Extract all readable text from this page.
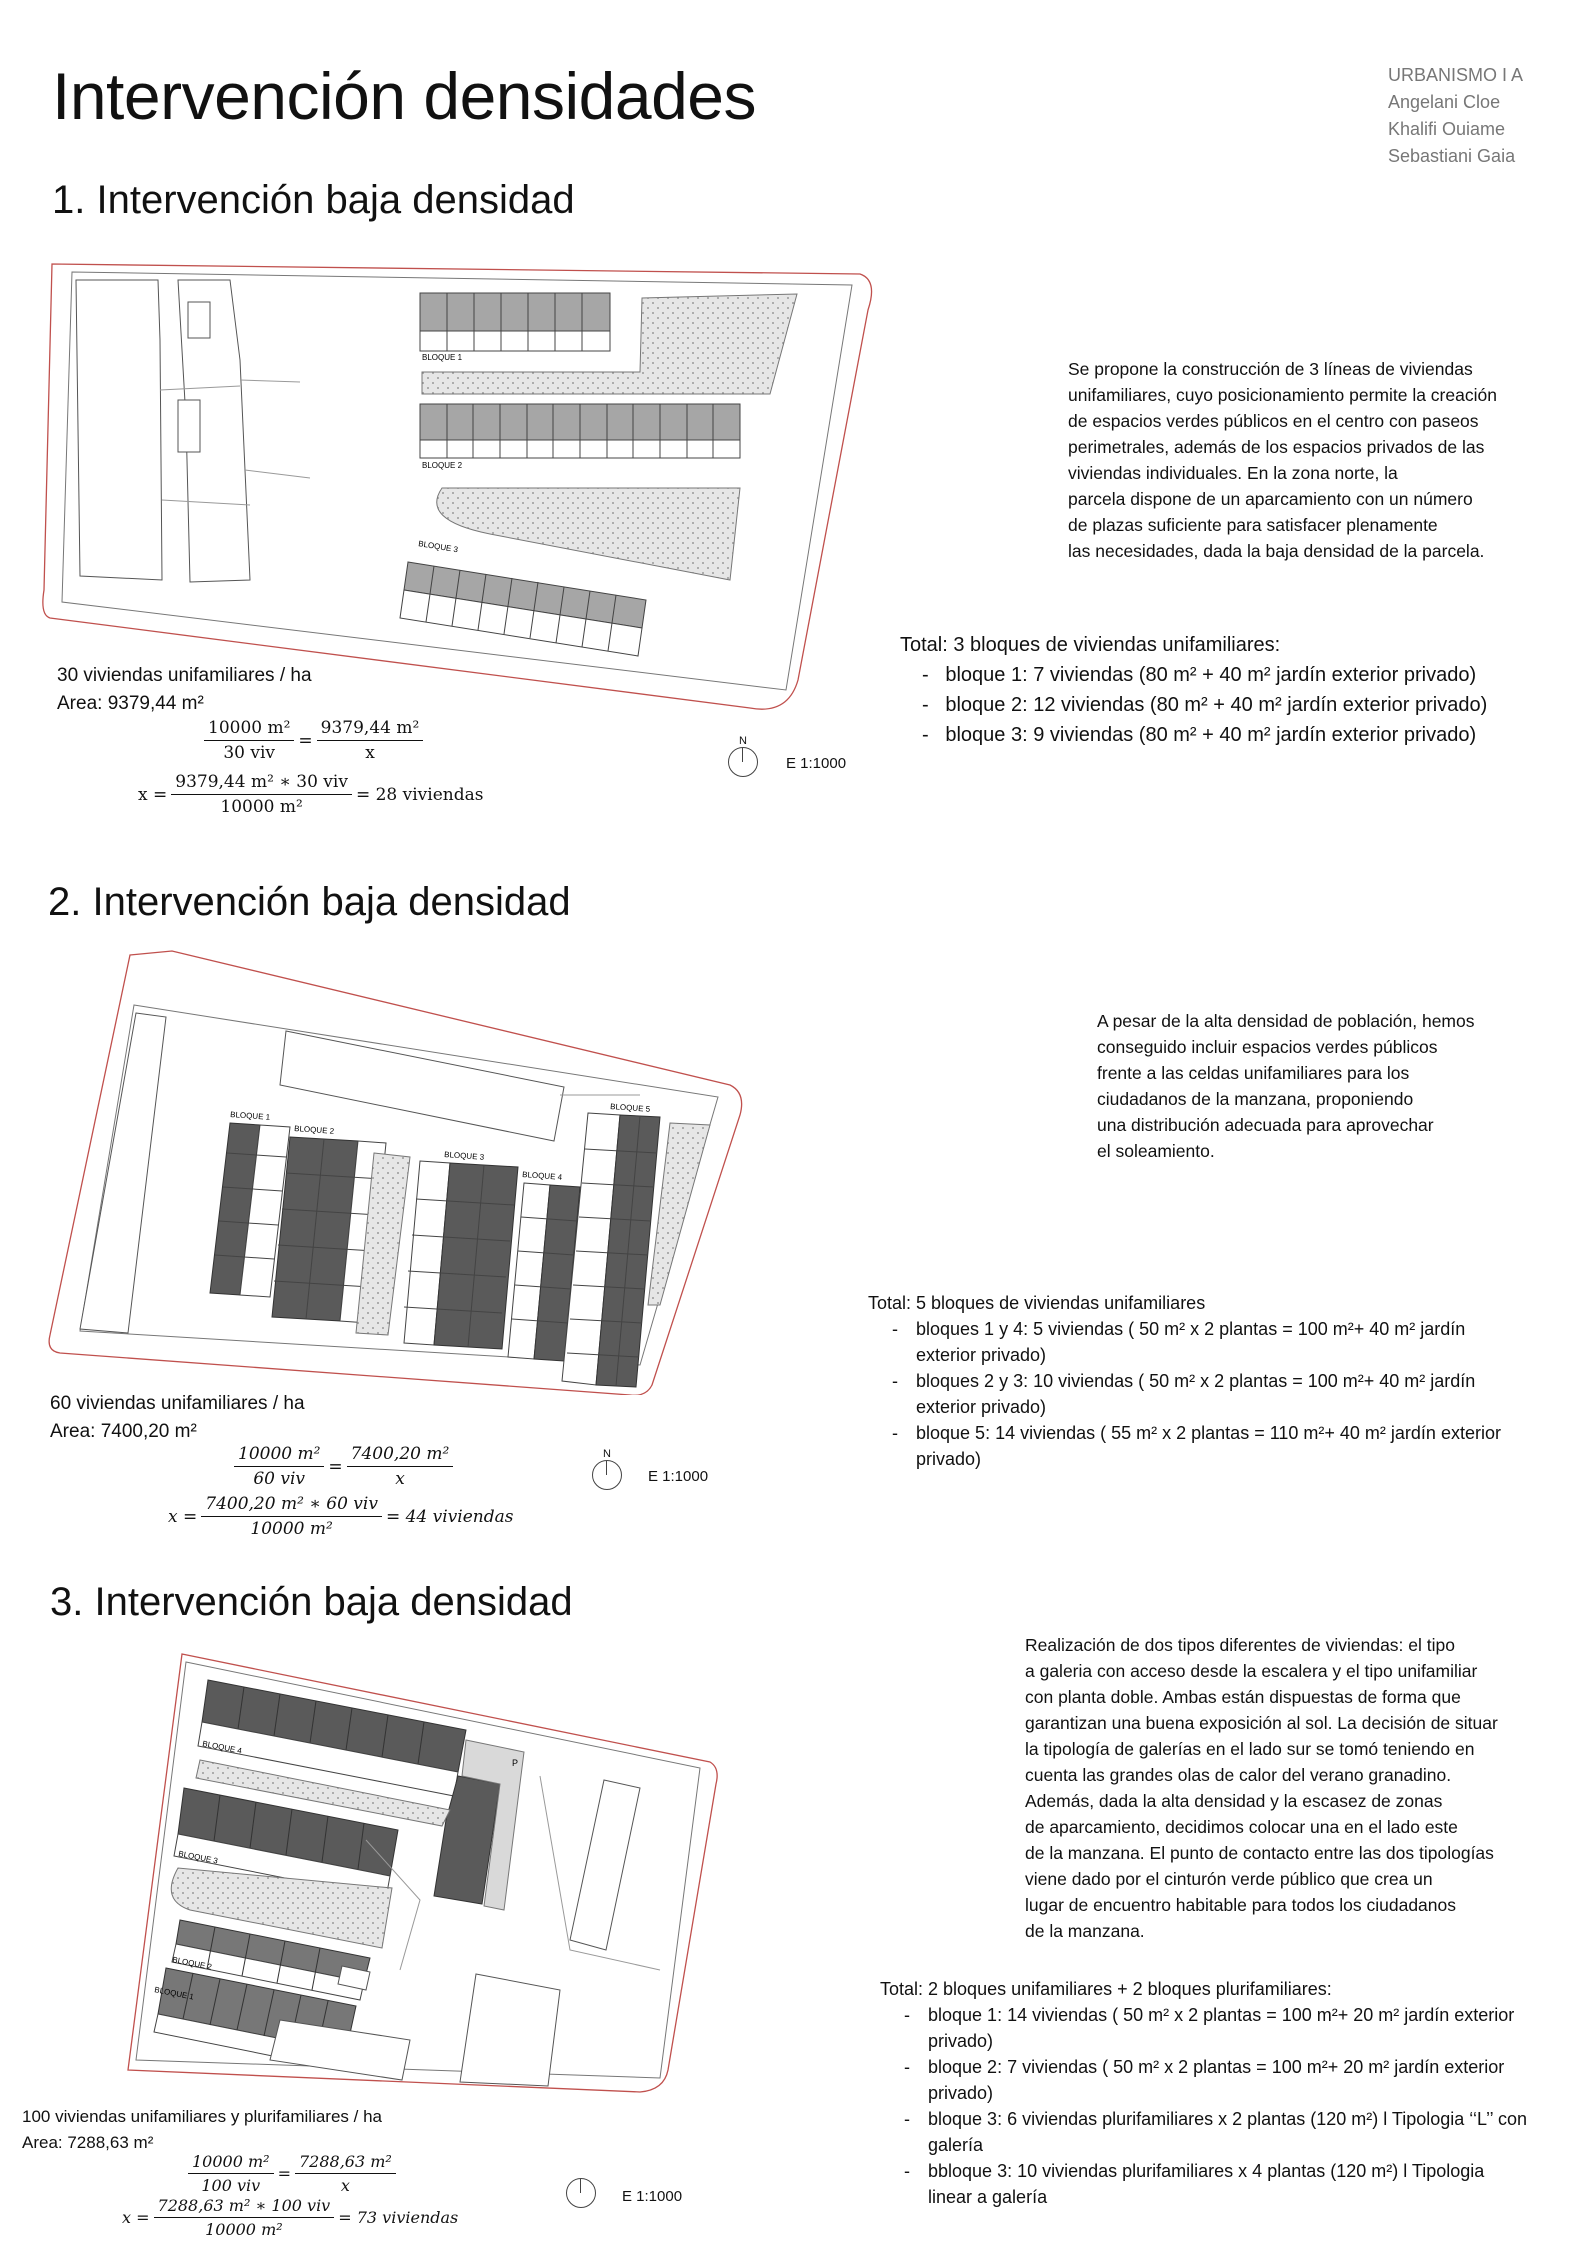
Intervención densidades	URBANISMO I A
Angelani Cloe
Khalifi Ouiame
Sebastiani Gaia
1. Intervención baja densidad
BLOQUE 1
BLOQUE 2
BLOQUE 3
Se propone la construcción de 3 líneas de viviendas
unifamiliares, cuyo posicionamiento permite la creación
de espacios verdes públicos en el centro con paseos
perimetrales, además de los espacios privados de las
viviendas individuales. En la zona norte, la
parcela dispone de un aparcamiento con un número
de plazas suficiente para satisfacer plenamente
las necesidades, dada la baja densidad de la parcela.
Total: 3 bloques de viviendas unifamiliares:
-   bloque 1: 7 viviendas (80 m² + 40 m² jardín exterior privado)
-   bloque 2: 12 viviendas (80 m² + 40 m² jardín exterior privado)
-   bloque 3: 9 viviendas (80 m² + 40 m² jardín exterior privado)
30 viviendas unifamiliares / ha
Area: 9379,44 m²
$\frac{\text{10000 m²}}{\text{30 viv}} = \frac{\text{9379,44 m²}}{x}$
$x = \frac{\text{9379,44 m² ∗ 30 viv}}{\text{10000 m²}} = 28$ viviendas
N
E 1:1000
2. Intervención baja densidad
BLOQUE 1
BLOQUE 2
BLOQUE 3
BLOQUE 4
BLOQUE 5
A pesar de la alta densidad de población, hemos
conseguido incluir espacios verdes públicos
frente a las celdas unifamiliares para los
ciudadanos de la manzana, proponiendo
una distribución adecuada para aprovechar
el soleamiento.
Total: 5 bloques de viviendas unifamiliares
-	bloques 1 y 4: 5 viviendas ( 50 m² x 2 plantas = 100 m²+ 40 m² jardín
exterior privado)
-	bloques 2 y 3: 10 viviendas ( 50 m² x 2 plantas = 100 m²+ 40 m² jardín
exterior privado)
-	bloque 5: 14 viviendas ( 55 m² x 2 plantas = 110 m²+ 40 m² jardín exterior
privado)
60 viviendas unifamiliares / ha
Area: 7400,20 m²
$\frac{\text{10000 m²}}{\text{60 viv}} = \frac{\text{7400,20 m²}}{x}$
$x = \frac{\text{7400,20 m² ∗ 60 viv}}{\text{10000 m²}} = 44$ viviendas
N
E 1:1000
3. Intervención baja densidad
BLOQUE 4
P
BLOQUE 3
BLOQUE 2
BLOQUE 1
Realización de dos tipos diferentes de viviendas: el tipo
a galeria con acceso desde la escalera y el tipo unifamiliar
con planta doble. Ambas están dispuestas de forma que
garantizan una buena exposición al sol. La decisión de situar
la tipología de galerías en el lado sur se tomó teniendo en
cuenta las grandes olas de calor del verano granadino.
Además, dada la alta densidad y la escasez de zonas
de aparcamiento, decidimos colocar una en el lado este
de la manzana. El punto de contacto entre las dos tipologías
viene dado por el cinturón verde público que crea un
lugar de encuentro habitable para todos los ciudadanos
de la manzana.
Total: 2 bloques unifamiliares + 2 bloques plurifamiliares:
-	bloque 1: 14 viviendas ( 50 m² x 2 plantas = 100 m²+ 20 m² jardín exterior
privado)
-	bloque 2: 7 viviendas ( 50 m² x 2 plantas = 100 m²+ 20 m² jardín exterior
privado)
-	bloque 3: 6 viviendas plurifamiliares x 2 plantas (120 m²) l Tipologia ‘‘L’’ con
galería
-	bbloque 3: 10 viviendas plurifamiliares x 4 plantas (120 m²) l Tipologia
linear a galería
100 viviendas unifamiliares y plurifamiliares / ha
Area: 7288,63 m²
$\frac{\text{10000 m²}}{\text{100 viv}} = \frac{\text{7288,63 m²}}{x}$
$x = \frac{\text{7288,63 m² ∗ 100 viv}}{\text{10000 m²}} = 73$ viviendas
E 1:1000
